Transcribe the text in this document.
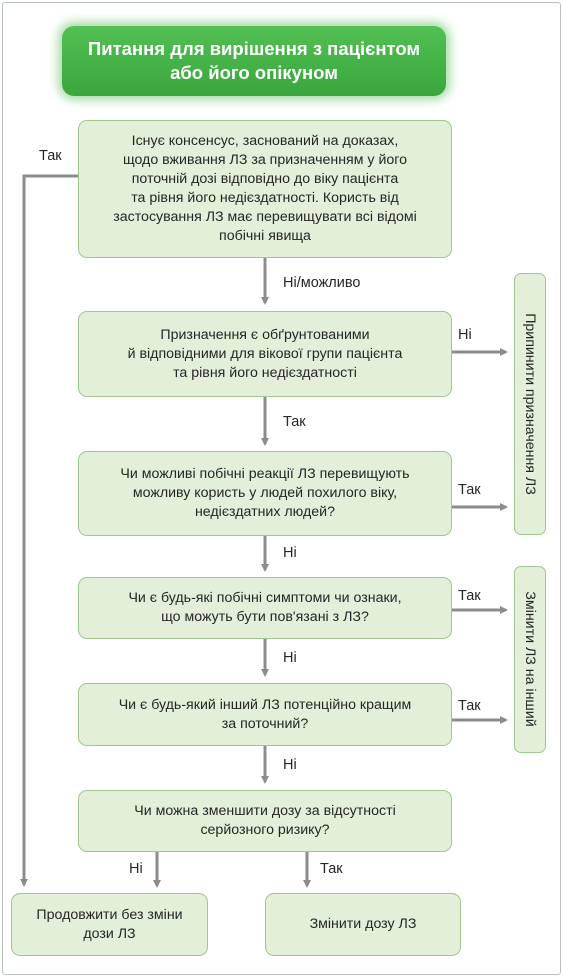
Питання для вирішення з пацієнтом
або його опікуном
Існує консенсус, заснований на доказах,
щодо вживання ЛЗ за призначенням у його
поточній дозі відповідно до віку пацієнта
та рівня його недієздатності. Користь від
застосування ЛЗ має перевищувати всі відомі
побічні явища
Призначення є обґрунтованими
й відповідними для вікової групи пацієнта
та рівня його недієздатності
Чи можливі побічні реакції ЛЗ перевищують
можливу користь у людей похилого віку,
недієздатних людей?
Чи є будь-які побічні симптоми чи ознаки,
що можуть бути пов'язані з ЛЗ?
Чи є будь-який інший ЛЗ потенційно кращим
за поточний?
Чи можна зменшити дозу за відсутності
серйозного ризику?
Продовжити без зміни
дози ЛЗ
Змінити дозу ЛЗ
Припинити призначення ЛЗ
Змінити ЛЗ на інший
Так
Ні/можливо
Ні
Так
Так
Ні
Так
Ні
Так
Ні
Ні	Так
